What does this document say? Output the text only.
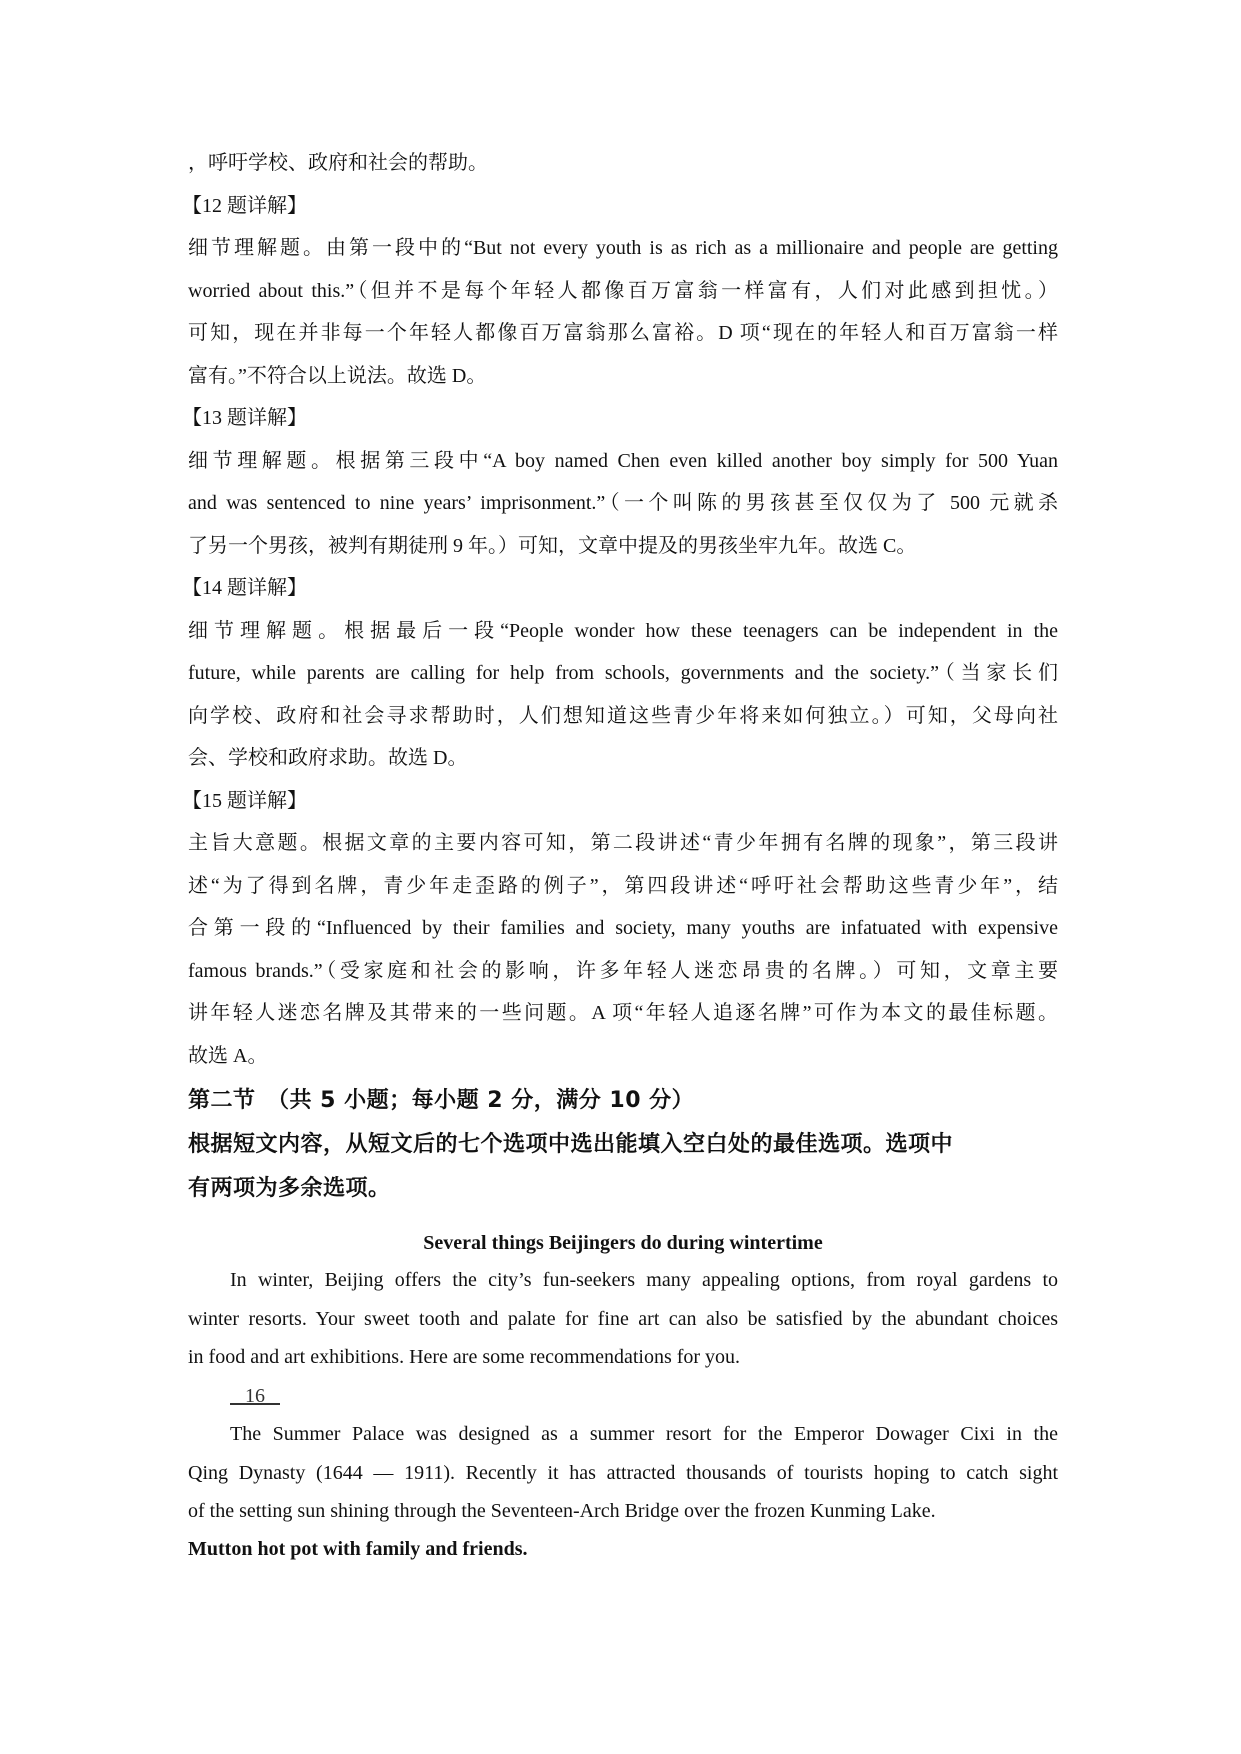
，呼吁学校、政府和社会的帮助。
【12 题详解】
细节理解题。由第一段中的“But not every youth is as rich as a millionaire and people are getting
worried about this.”（但并不是每个年轻人都像百万富翁一样富有，人们对此感到担忧。）
可知，现在并非每一个年轻人都像百万富翁那么富裕。D 项“现在的年轻人和百万富翁一样
富有。”不符合以上说法。故选 D。
【13 题详解】
细节理解题。根据第三段中“A boy named Chen even killed another boy simply for 500 Yuan
and was sentenced to nine years’ imprisonment.”（一个叫陈的男孩甚至仅仅为了 500 元就杀
了另一个男孩，被判有期徒刑 9 年。）可知，文章中提及的男孩坐牢九年。故选 C。
【14 题详解】
细节理解题。根据最后一段“People wonder how these teenagers can be independent in the
future, while parents are calling for help from schools, governments and the society.”（当家长们
向学校、政府和社会寻求帮助时，人们想知道这些青少年将来如何独立。）可知，父母向社
会、学校和政府求助。故选 D。
【15 题详解】
主旨大意题。根据文章的主要内容可知，第二段讲述“青少年拥有名牌的现象”，第三段讲
述“为了得到名牌，青少年走歪路的例子”，第四段讲述“呼吁社会帮助这些青少年”，结
合第一段的“Influenced by their families and society, many youths are infatuated with expensive
famous brands.”（受家庭和社会的影响，许多年轻人迷恋昂贵的名牌。）可知，文章主要
讲年轻人迷恋名牌及其带来的一些问题。A 项“年轻人追逐名牌”可作为本文的最佳标题。
故选 A。
第二节　（共 5 小题；每小题 2 分，满分 10 分）
根据短文内容，从短文后的七个选项中选出能填入空白处的最佳选项。选项中
有两项为多余选项。
Several things Beijingers do during wintertime
In winter, Beijing offers the city’s fun-seekers many appealing options, from royal gardens to
winter resorts. Your sweet tooth and palate for fine art can also be satisfied by the abundant choices
in food and art exhibitions. Here are some recommendations for you.
16
The Summer Palace was designed as a summer resort for the Emperor Dowager Cixi in the
Qing Dynasty (1644 — 1911). Recently it has attracted thousands of tourists hoping to catch sight
of the setting sun shining through the Seventeen-Arch Bridge over the frozen Kunming Lake.
Mutton hot pot with family and friends.
